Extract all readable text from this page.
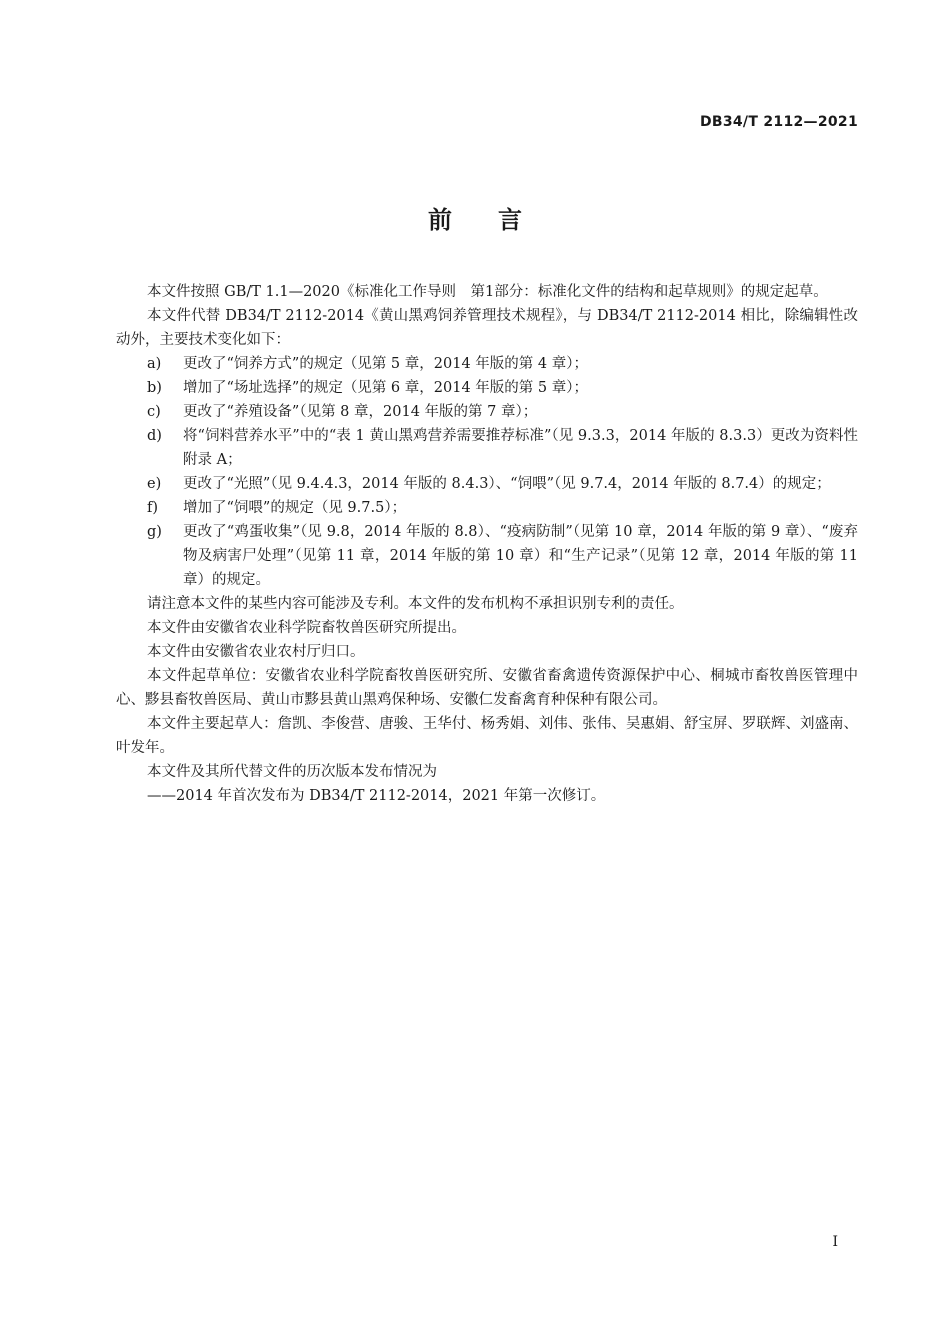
DB34/T 2112—2021
前言

本文件按照 GB/T 1.1—2020《标准化工作导则　第1部分：标准化文件的结构和起草规则》的规定起草。

本文件代替 DB34/T 2112-2014《黄山黑鸡饲养管理技术规程》，与 DB34/T 2112-2014 相比，除编辑性改动外，主要技术变化如下：

a)	更改了“饲养方式”的规定（见第 5 章，2014 年版的第 4 章）；
b)	增加了“场址选择”的规定（见第 6 章，2014 年版的第 5 章）；
c)	更改了“养殖设备”（见第 8 章，2014 年版的第 7 章）；
d)	将“饲料营养水平”中的“表 1 黄山黑鸡营养需要推荐标准”（见 9.3.3，2014 年版的 8.3.3）更改为资料性附录 A；
e)	更改了“光照”（见 9.4.4.3，2014 年版的 8.4.3）、“饲喂”（见 9.7.4，2014 年版的 8.7.4）的规定；
f)	增加了“饲喂”的规定（见 9.7.5）；
g)	更改了“鸡蛋收集”（见 9.8，2014 年版的 8.8）、“疫病防制”（见第 10 章，2014 年版的第 9 章）、“废弃物及病害尸处理”（见第 11 章，2014 年版的第 10 章）和“生产记录”（见第 12 章，2014 年版的第 11 章）的规定。

请注意本文件的某些内容可能涉及专利。本文件的发布机构不承担识别专利的责任。

本文件由安徽省农业科学院畜牧兽医研究所提出。

本文件由安徽省农业农村厅归口。

本文件起草单位：安徽省农业科学院畜牧兽医研究所、安徽省畜禽遗传资源保护中心、桐城市畜牧兽医管理中心、黟县畜牧兽医局、黄山市黟县黄山黑鸡保种场、安徽仁发畜禽育种保种有限公司。

本文件主要起草人：詹凯、李俊营、唐骏、王华付、杨秀娟、刘伟、张伟、吴惠娟、舒宝屏、罗联辉、刘盛南、叶发年。

本文件及其所代替文件的历次版本发布情况为

——2014 年首次发布为 DB34/T 2112-2014，2021 年第一次修订。

I
